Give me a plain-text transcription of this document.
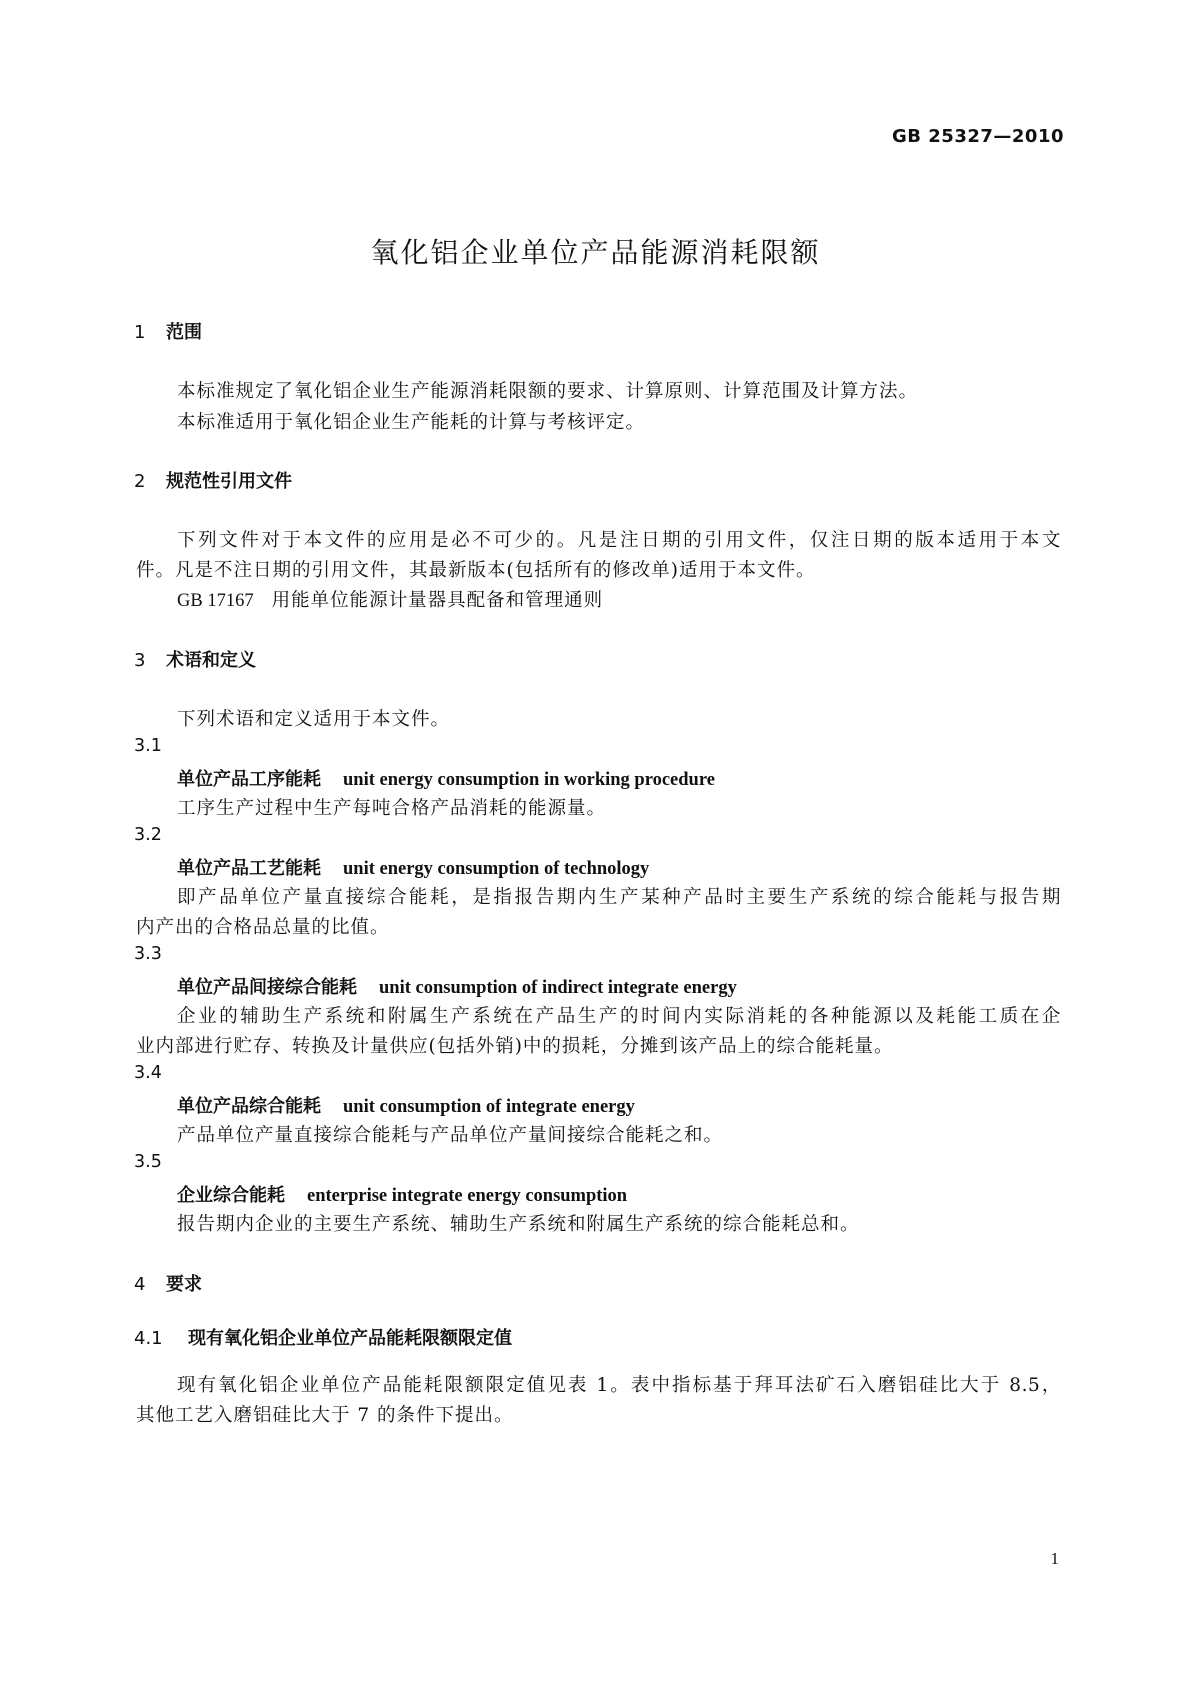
GB 25327—2010
氧化铝企业单位产品能源消耗限额
1 范围
本标准规定了氧化铝企业生产能源消耗限额的要求、计算原则、计算范围及计算方法。
本标准适用于氧化铝企业生产能耗的计算与考核评定。
2 规范性引用文件
下列文件对于本文件的应用是必不可少的。凡是注日期的引用文件，仅注日期的版本适用于本文
件。凡是不注日期的引用文件，其最新版本(包括所有的修改单)适用于本文件。
GB 17167 用能单位能源计量器具配备和管理通则
3 术语和定义
下列术语和定义适用于本文件。
3.1
单位产品工序能耗 unit energy consumption in working procedure
工序生产过程中生产每吨合格产品消耗的能源量。
3.2
单位产品工艺能耗 unit energy consumption of technology
即产品单位产量直接综合能耗，是指报告期内生产某种产品时主要生产系统的综合能耗与报告期
内产出的合格品总量的比值。
3.3
单位产品间接综合能耗 unit consumption of indirect integrate energy
企业的辅助生产系统和附属生产系统在产品生产的时间内实际消耗的各种能源以及耗能工质在企
业内部进行贮存、转换及计量供应(包括外销)中的损耗，分摊到该产品上的综合能耗量。
3.4
单位产品综合能耗 unit consumption of integrate energy
产品单位产量直接综合能耗与产品单位产量间接综合能耗之和。
3.5
企业综合能耗 enterprise integrate energy consumption
报告期内企业的主要生产系统、辅助生产系统和附属生产系统的综合能耗总和。
4 要求
4.1 现有氧化铝企业单位产品能耗限额限定值
现有氧化铝企业单位产品能耗限额限定值见表 1。表中指标基于拜耳法矿石入磨铝硅比大于 8.5，
其他工艺入磨铝硅比大于 7 的条件下提出。
1
